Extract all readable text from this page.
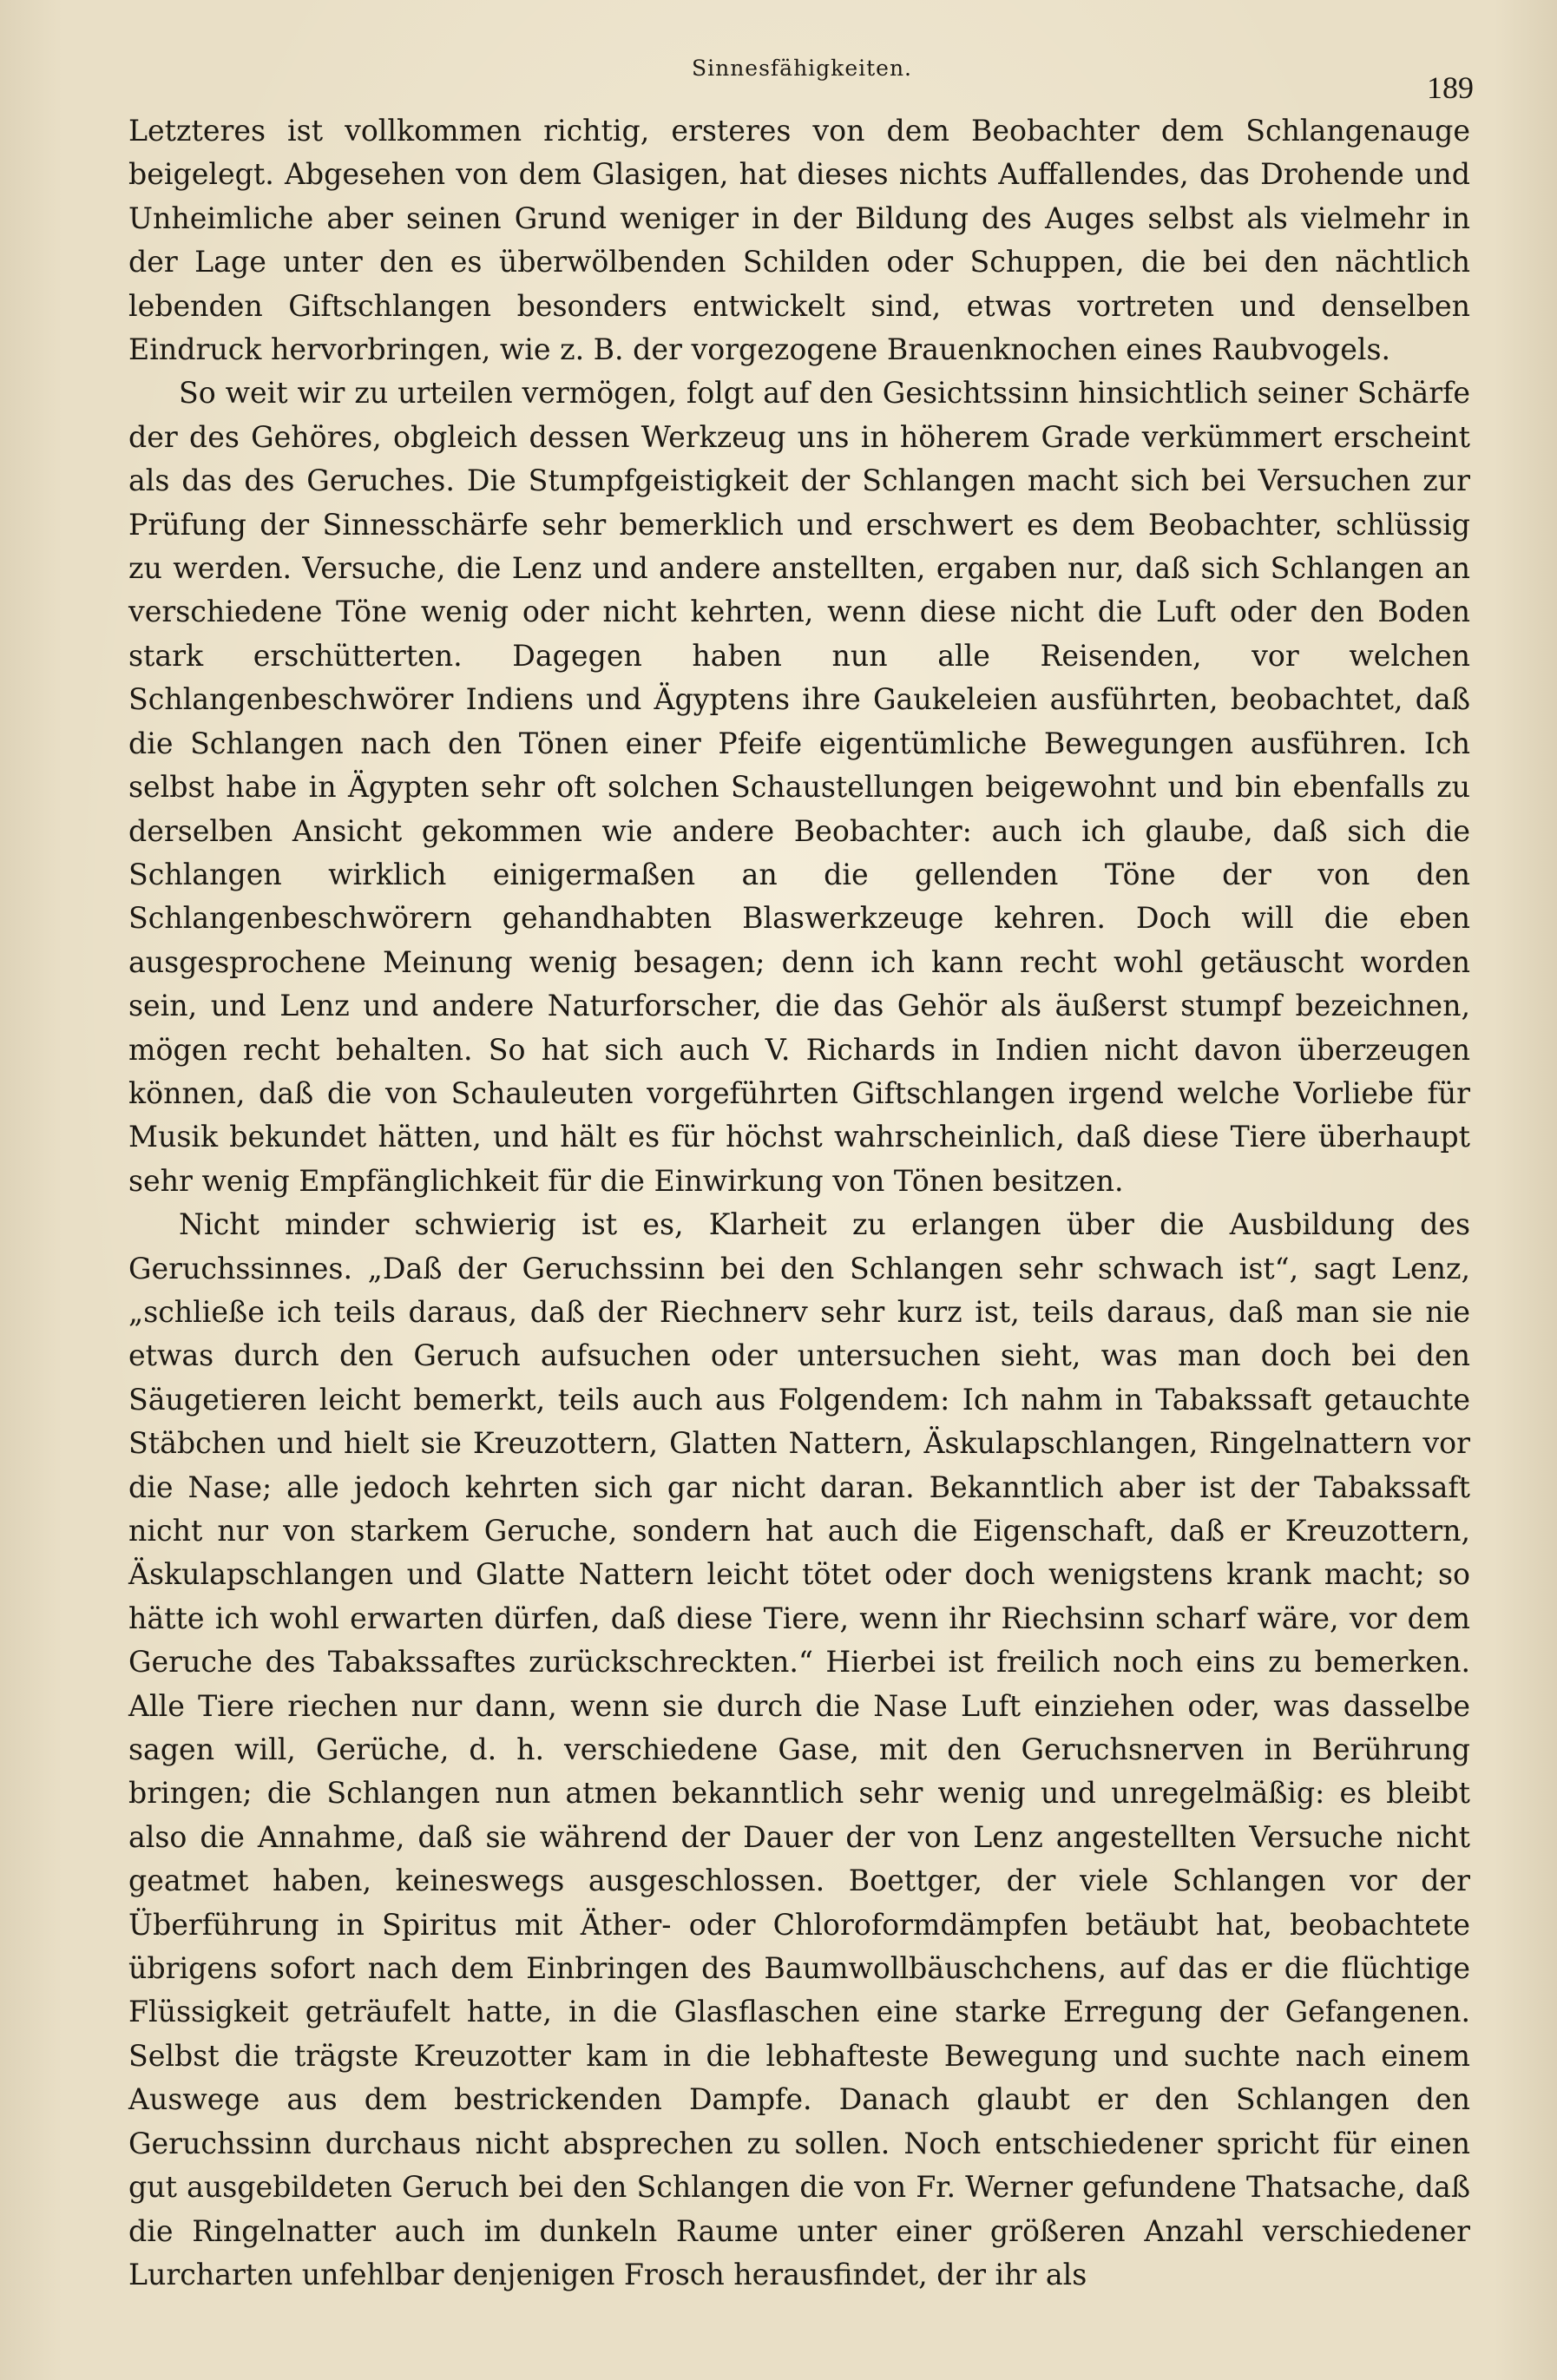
Sinnesfähigkeiten.
189

Letzteres ist vollkommen richtig, ersteres von dem Beobachter dem Schlangenauge beigelegt. Abgesehen von dem Glasigen, hat dieses nichts Auffallendes, das Drohende und Unheimliche aber seinen Grund weniger in der Bildung des Auges selbst als vielmehr in der Lage unter den es überwölbenden Schilden oder Schuppen, die bei den nächtlich lebenden Giftschlangen besonders entwickelt sind, etwas vortreten und denselben Eindruck hervorbringen, wie z. B. der vorgezogene Brauenknochen eines Raubvogels.

So weit wir zu urteilen vermögen, folgt auf den Gesichtssinn hinsichtlich seiner Schärfe der des Gehöres, obgleich dessen Werkzeug uns in höherem Grade verkümmert erscheint als das des Geruches. Die Stumpfgeistigkeit der Schlangen macht sich bei Versuchen zur Prüfung der Sinnesschärfe sehr bemerklich und erschwert es dem Beobachter, schlüssig zu werden. Versuche, die Lenz und andere anstellten, ergaben nur, daß sich Schlangen an verschiedene Töne wenig oder nicht kehrten, wenn diese nicht die Luft oder den Boden stark erschütterten. Dagegen haben nun alle Reisenden, vor welchen Schlangenbeschwörer Indiens und Ägyptens ihre Gaukeleien ausführten, beobachtet, daß die Schlangen nach den Tönen einer Pfeife eigentümliche Bewegungen ausführen. Ich selbst habe in Ägypten sehr oft solchen Schaustellungen beigewohnt und bin ebenfalls zu derselben Ansicht gekommen wie andere Beobachter: auch ich glaube, daß sich die Schlangen wirklich einigermaßen an die gellenden Töne der von den Schlangenbeschwörern gehandhabten Blaswerkzeuge kehren. Doch will die eben ausgesprochene Meinung wenig besagen; denn ich kann recht wohl getäuscht worden sein, und Lenz und andere Naturforscher, die das Gehör als äußerst stumpf bezeichnen, mögen recht behalten. So hat sich auch V. Richards in Indien nicht davon überzeugen können, daß die von Schauleuten vorgeführten Giftschlangen irgend welche Vorliebe für Musik bekundet hätten, und hält es für höchst wahrscheinlich, daß diese Tiere überhaupt sehr wenig Empfänglichkeit für die Einwirkung von Tönen besitzen.

Nicht minder schwierig ist es, Klarheit zu erlangen über die Ausbildung des Geruchssinnes. „Daß der Geruchssinn bei den Schlangen sehr schwach ist“, sagt Lenz, „schließe ich teils daraus, daß der Riechnerv sehr kurz ist, teils daraus, daß man sie nie etwas durch den Geruch aufsuchen oder untersuchen sieht, was man doch bei den Säugetieren leicht bemerkt, teils auch aus Folgendem: Ich nahm in Tabakssaft getauchte Stäbchen und hielt sie Kreuzottern, Glatten Nattern, Äskulapschlangen, Ringelnattern vor die Nase; alle jedoch kehrten sich gar nicht daran. Bekanntlich aber ist der Tabakssaft nicht nur von starkem Geruche, sondern hat auch die Eigenschaft, daß er Kreuzottern, Äskulapschlangen und Glatte Nattern leicht tötet oder doch wenigstens krank macht; so hätte ich wohl erwarten dürfen, daß diese Tiere, wenn ihr Riechsinn scharf wäre, vor dem Geruche des Tabakssaftes zurückschreckten.“ Hierbei ist freilich noch eins zu bemerken. Alle Tiere riechen nur dann, wenn sie durch die Nase Luft einziehen oder, was dasselbe sagen will, Gerüche, d. h. verschiedene Gase, mit den Geruchsnerven in Berührung bringen; die Schlangen nun atmen bekanntlich sehr wenig und unregelmäßig: es bleibt also die Annahme, daß sie während der Dauer der von Lenz angestellten Versuche nicht geatmet haben, keineswegs ausgeschlossen. Boettger, der viele Schlangen vor der Überführung in Spiritus mit Äther- oder Chloroformdämpfen betäubt hat, beobachtete übrigens sofort nach dem Einbringen des Baumwollbäuschchens, auf das er die flüchtige Flüssigkeit geträufelt hatte, in die Glasflaschen eine starke Erregung der Gefangenen. Selbst die trägste Kreuzotter kam in die lebhafteste Bewegung und suchte nach einem Auswege aus dem bestrickenden Dampfe. Danach glaubt er den Schlangen den Geruchssinn durchaus nicht absprechen zu sollen. Noch entschiedener spricht für einen gut ausgebildeten Geruch bei den Schlangen die von Fr. Werner gefundene Thatsache, daß die Ringelnatter auch im dunkeln Raume unter einer größeren Anzahl verschiedener Lurcharten unfehlbar denjenigen Frosch herausfindet, der ihr als
